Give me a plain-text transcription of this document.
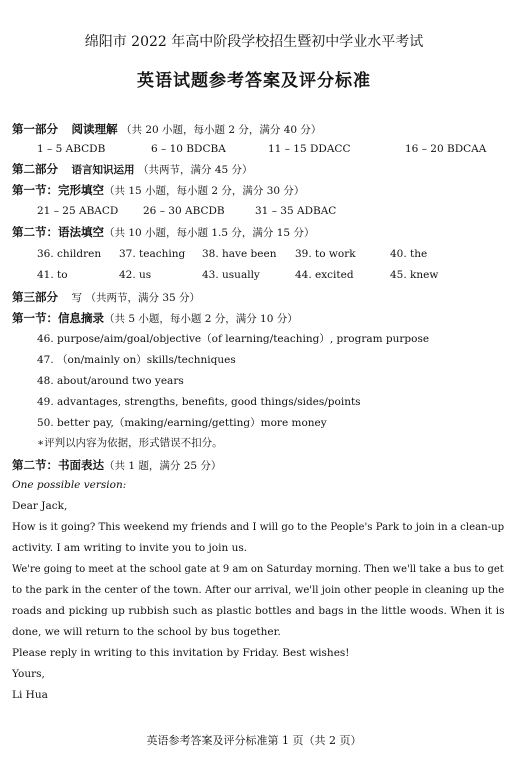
绵阳市 2022 年高中阶段学校招生暨初中学业水平考试
英语试题参考答案及评分标准
第一部分 阅读理解 （共 20 小题，每小题 2 分，满分 40 分）
1 – 5 ABCDB	6 – 10 BDCBA	11 – 15 DDACC	16 – 20 BDCAA
第二部分 语言知识运用 （共两节，满分 45 分）
第一节：完形填空（共 15 小题，每小题 2 分，满分 30 分）
21 – 25 ABACD 26 – 30 ABCDB	31 – 35 ADBAC
第二节：语法填空（共 10 小题，每小题 1.5 分，满分 15 分）
36. children 37. teaching 38. have been 39. to work	40. the
41. to	42. us	43. usually	44. excited	45. knew
第三部分 写 （共两节，满分 35 分）
第一节：信息摘录（共 5 小题，每小题 2 分，满分 10 分）
46. purpose/aim/goal/objective（of learning/teaching）, program purpose
47. （on/mainly on）skills/techniques
48. about/around two years
49. advantages, strengths, benefits, good things/sides/points
50. better pay,（making/earning/getting）more money
∗评判以内容为依据，形式错误不扣分。
第二节：书面表达（共 1 题，满分 25 分）
One possible version:
Dear Jack,
How is it going? This weekend my friends and I will go to the People's Park to join in a clean-up
activity. I am writing to invite you to join us.
We're going to meet at the school gate at 9 am on Saturday morning. Then we'll take a bus to get
to the park in the center of the town. After our arrival, we'll join other people in cleaning up the
roads and picking up rubbish such as plastic bottles and bags in the little woods. When it is
done, we will return to the school by bus together.
Please reply in writing to this invitation by Friday. Best wishes!
Yours,
Li Hua
英语参考答案及评分标准第 1 页（共 2 页）
